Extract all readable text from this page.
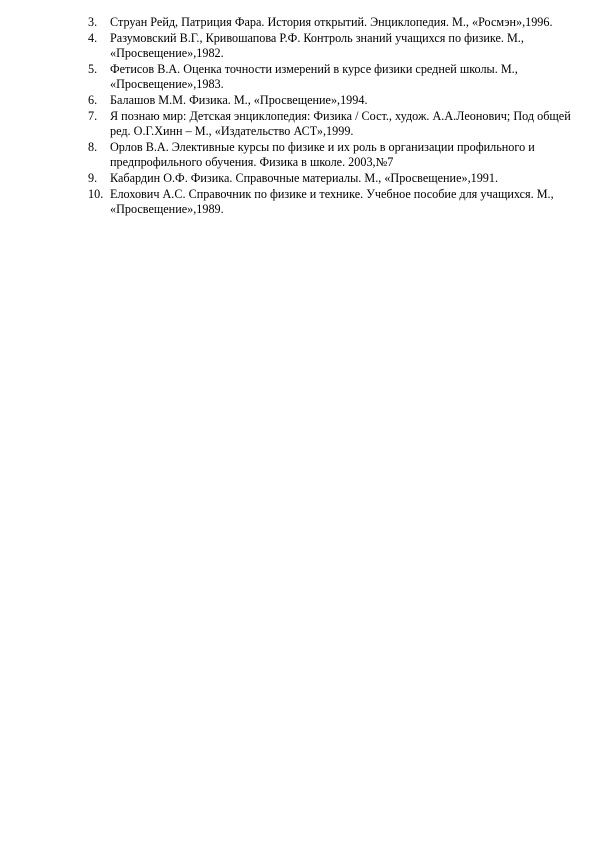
3. Струан Рейд, Патриция Фара. История открытий. Энциклопедия. М., «Росмэн»,1996.
4. Разумовский В.Г., Кривошапова Р.Ф. Контроль знаний учащихся по физике. М., «Просвещение»,1982.
5. Фетисов В.А. Оценка точности измерений в курсе физики средней школы. М., «Просвещение»,1983.
6. Балашов М.М. Физика. М., «Просвещение»,1994.
7. Я познаю мир: Детская энциклопедия: Физика / Сост., худож. А.А.Леонович; Под общей ред. О.Г.Хинн – М., «Издательство АСТ»,1999.
8. Орлов В.А. Элективные курсы по физике и их роль в организации профильного и предпрофильного обучения. Физика в школе. 2003,№7
9. Кабардин О.Ф. Физика. Справочные материалы. М., «Просвещение»,1991.
10. Елохович А.С. Справочник по физике и технике. Учебное пособие для учащихся. М., «Просвещение»,1989.
